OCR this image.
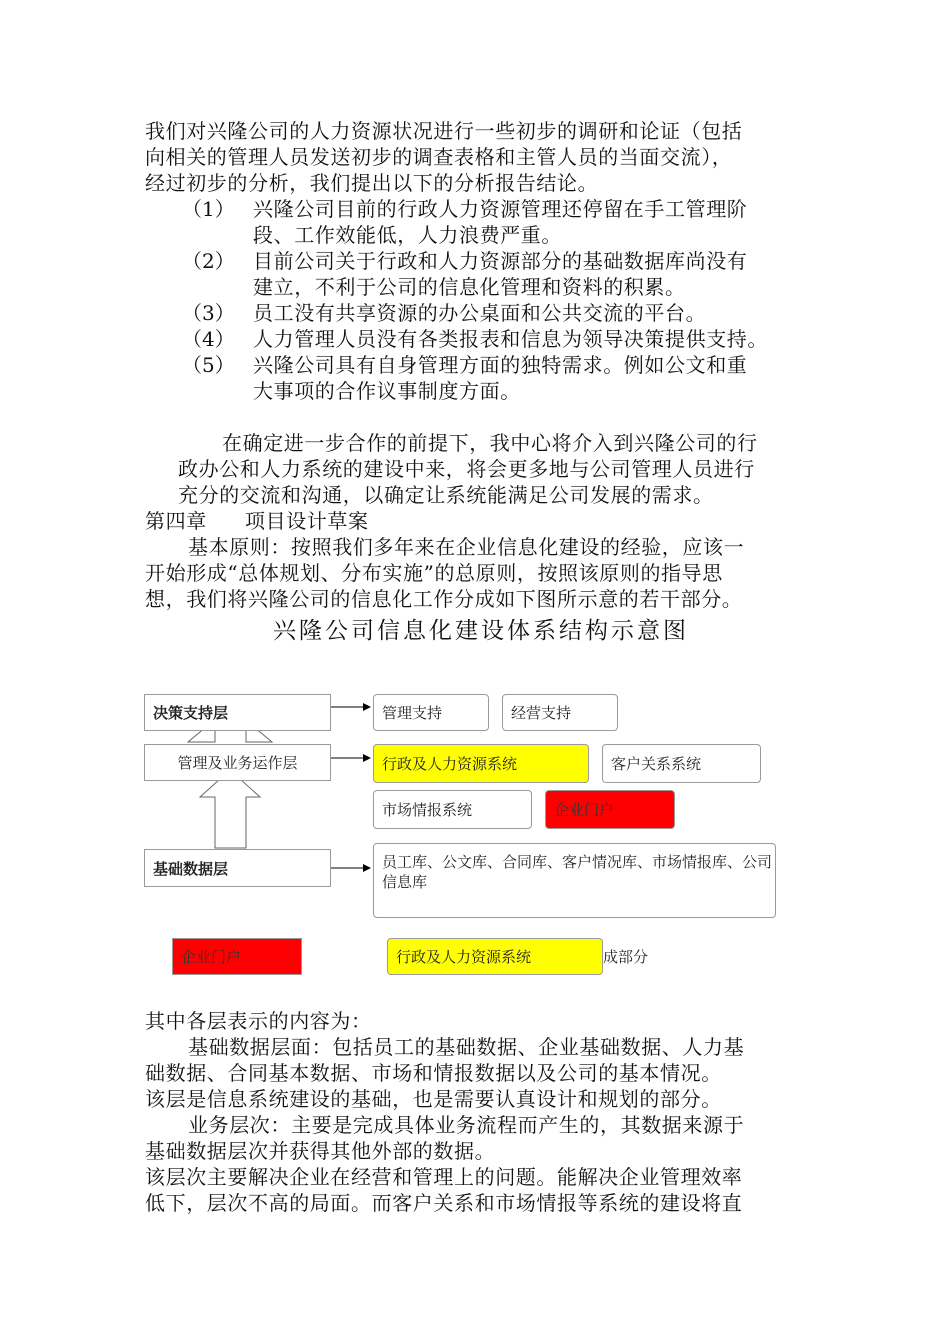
我们对兴隆公司的人力资源状况进行一些初步的调研和论证（包括
向相关的管理人员发送初步的调查表格和主管人员的当面交流），
经过初步的分析，我们提出以下的分析报告结论。
（1） 兴隆公司目前的行政人力资源管理还停留在手工管理阶
段、工作效能低，人力浪费严重。
（2） 目前公司关于行政和人力资源部分的基础数据库尚没有
建立，不利于公司的信息化管理和资料的积累。
（3） 员工没有共享资源的办公桌面和公共交流的平台。
（4） 人力管理人员没有各类报表和信息为领导决策提供支持。
（5） 兴隆公司具有自身管理方面的独特需求。例如公文和重
大事项的合作议事制度方面。
在确定进一步合作的前提下，我中心将介入到兴隆公司的行
政办公和人力系统的建设中来，将会更多地与公司管理人员进行
充分的交流和沟通，以确定让系统能满足公司发展的需求。
第四章 项目设计草案
基本原则：按照我们多年来在企业信息化建设的经验，应该一
开始形成“总体规划、分布实施”的总原则，按照该原则的指导思
想，我们将兴隆公司的信息化工作分成如下图所示意的若干部分。
兴隆公司信息化建设体系结构示意图
决策支持层
管理及业务运作层
基础数据层
管理支持	经营支持
行政及人力资源系统	客户关系系统
市场情报系统	企业门户
员工库、公文库、合同库、客户情况库、市场情报库、公司信息库
企业门户	行政及人力资源系统	成部分
其中各层表示的内容为：
基础数据层面：包括员工的基础数据、企业基础数据、人力基
础数据、合同基本数据、市场和情报数据以及公司的基本情况。
该层是信息系统建设的基础，也是需要认真设计和规划的部分。
业务层次：主要是完成具体业务流程而产生的，其数据来源于
基础数据层次并获得其他外部的数据。
该层次主要解决企业在经营和管理上的问题。能解决企业管理效率
低下，层次不高的局面。而客户关系和市场情报等系统的建设将直
